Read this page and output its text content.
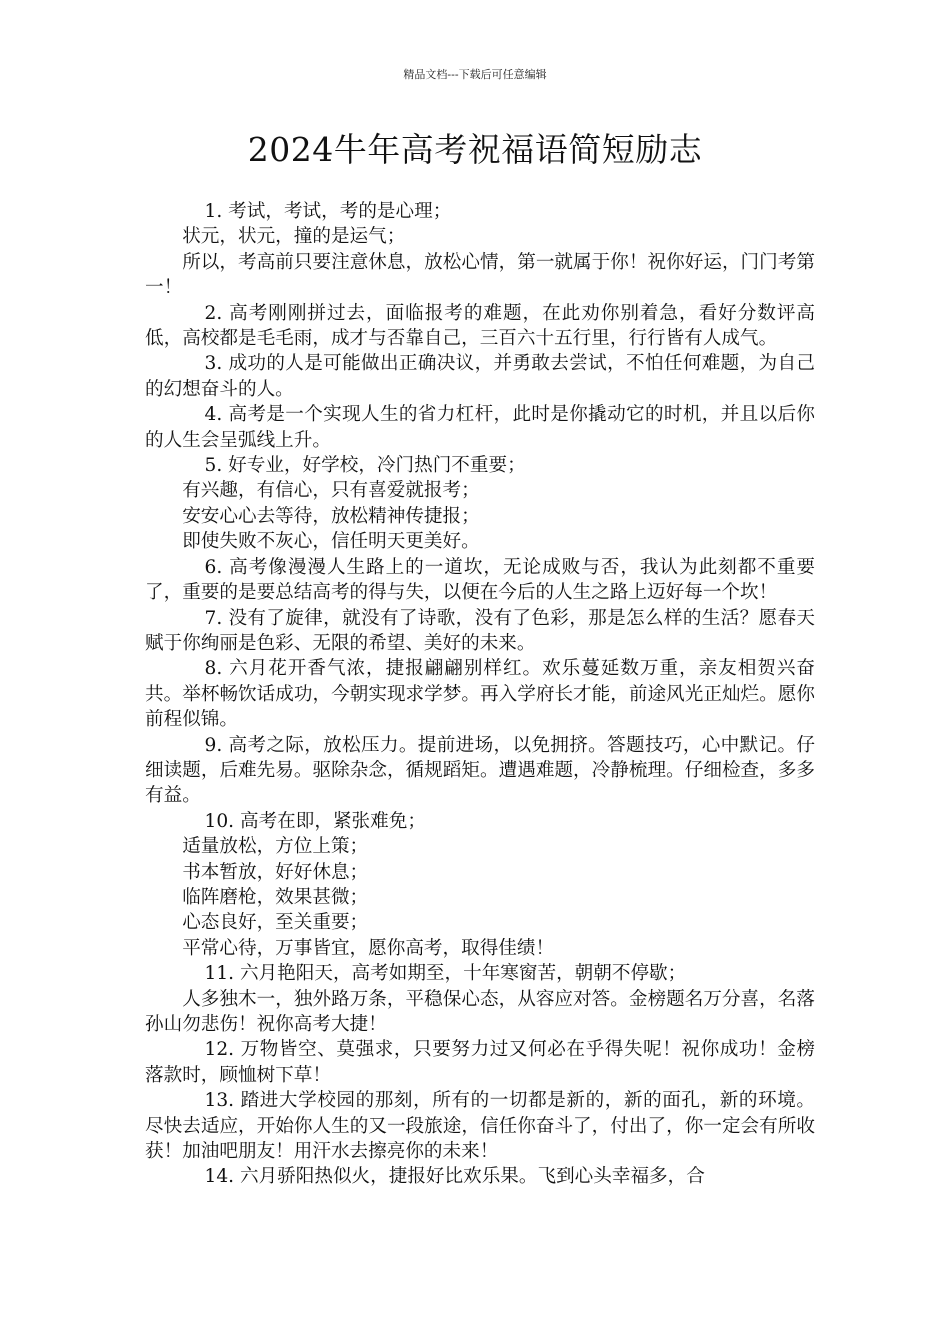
精品文档---下载后可任意编辑
2024牛年高考祝福语简短励志

1. 考试，考试，考的是心理；

状元，状元，撞的是运气；

所以，考高前只要注意休息，放松心情，第一就属于你！祝你好运，门门考第一！

2. 高考刚刚拼过去，面临报考的难题，在此劝你别着急，看好分数评高低，高校都是毛毛雨，成才与否靠自己，三百六十五行里，行行皆有人成气。

3. 成功的人是可能做出正确决议，并勇敢去尝试，不怕任何难题，为自己的幻想奋斗的人。

4. 高考是一个实现人生的省力杠杆，此时是你撬动它的时机，并且以后你的人生会呈弧线上升。

5. 好专业，好学校，冷门热门不重要；

有兴趣，有信心，只有喜爱就报考；

安安心心去等待，放松精神传捷报；

即使失败不灰心，信任明天更美好。

6. 高考像漫漫人生路上的一道坎，无论成败与否，我认为此刻都不重要了，重要的是要总结高考的得与失，以便在今后的人生之路上迈好每一个坎！

7. 没有了旋律，就没有了诗歌，没有了色彩，那是怎么样的生活？愿春天赋于你绚丽是色彩、无限的希望、美好的未来。

8. 六月花开香气浓，捷报翩翩别样红。欢乐蔓延数万重，亲友相贺兴奋共。举杯畅饮话成功，今朝实现求学梦。再入学府长才能，前途风光正灿烂。愿你前程似锦。

9. 高考之际，放松压力。提前进场，以免拥挤。答题技巧，心中默记。仔细读题，后难先易。驱除杂念，循规蹈矩。遭遇难题，冷静梳理。仔细检查，多多有益。

10. 高考在即，紧张难免；

适量放松，方位上策；

书本暂放，好好休息；

临阵磨枪，效果甚微；

心态良好，至关重要；

平常心待，万事皆宜，愿你高考，取得佳绩！

11. 六月艳阳天，高考如期至，十年寒窗苦，朝朝不停歇；

人多独木一，独外路万条，平稳保心态，从容应对答。金榜题名万分喜，名落孙山勿悲伤！祝你高考大捷！

12. 万物皆空、莫强求，只要努力过又何必在乎得失呢！祝你成功！金榜落款时，顾恤树下草！

13. 踏进大学校园的那刻，所有的一切都是新的，新的面孔，新的环境。尽快去适应，开始你人生的又一段旅途，信任你奋斗了，付出了，你一定会有所收获！加油吧朋友！用汗水去擦亮你的未来！

14. 六月骄阳热似火，捷报好比欢乐果。飞到心头幸福多，合
